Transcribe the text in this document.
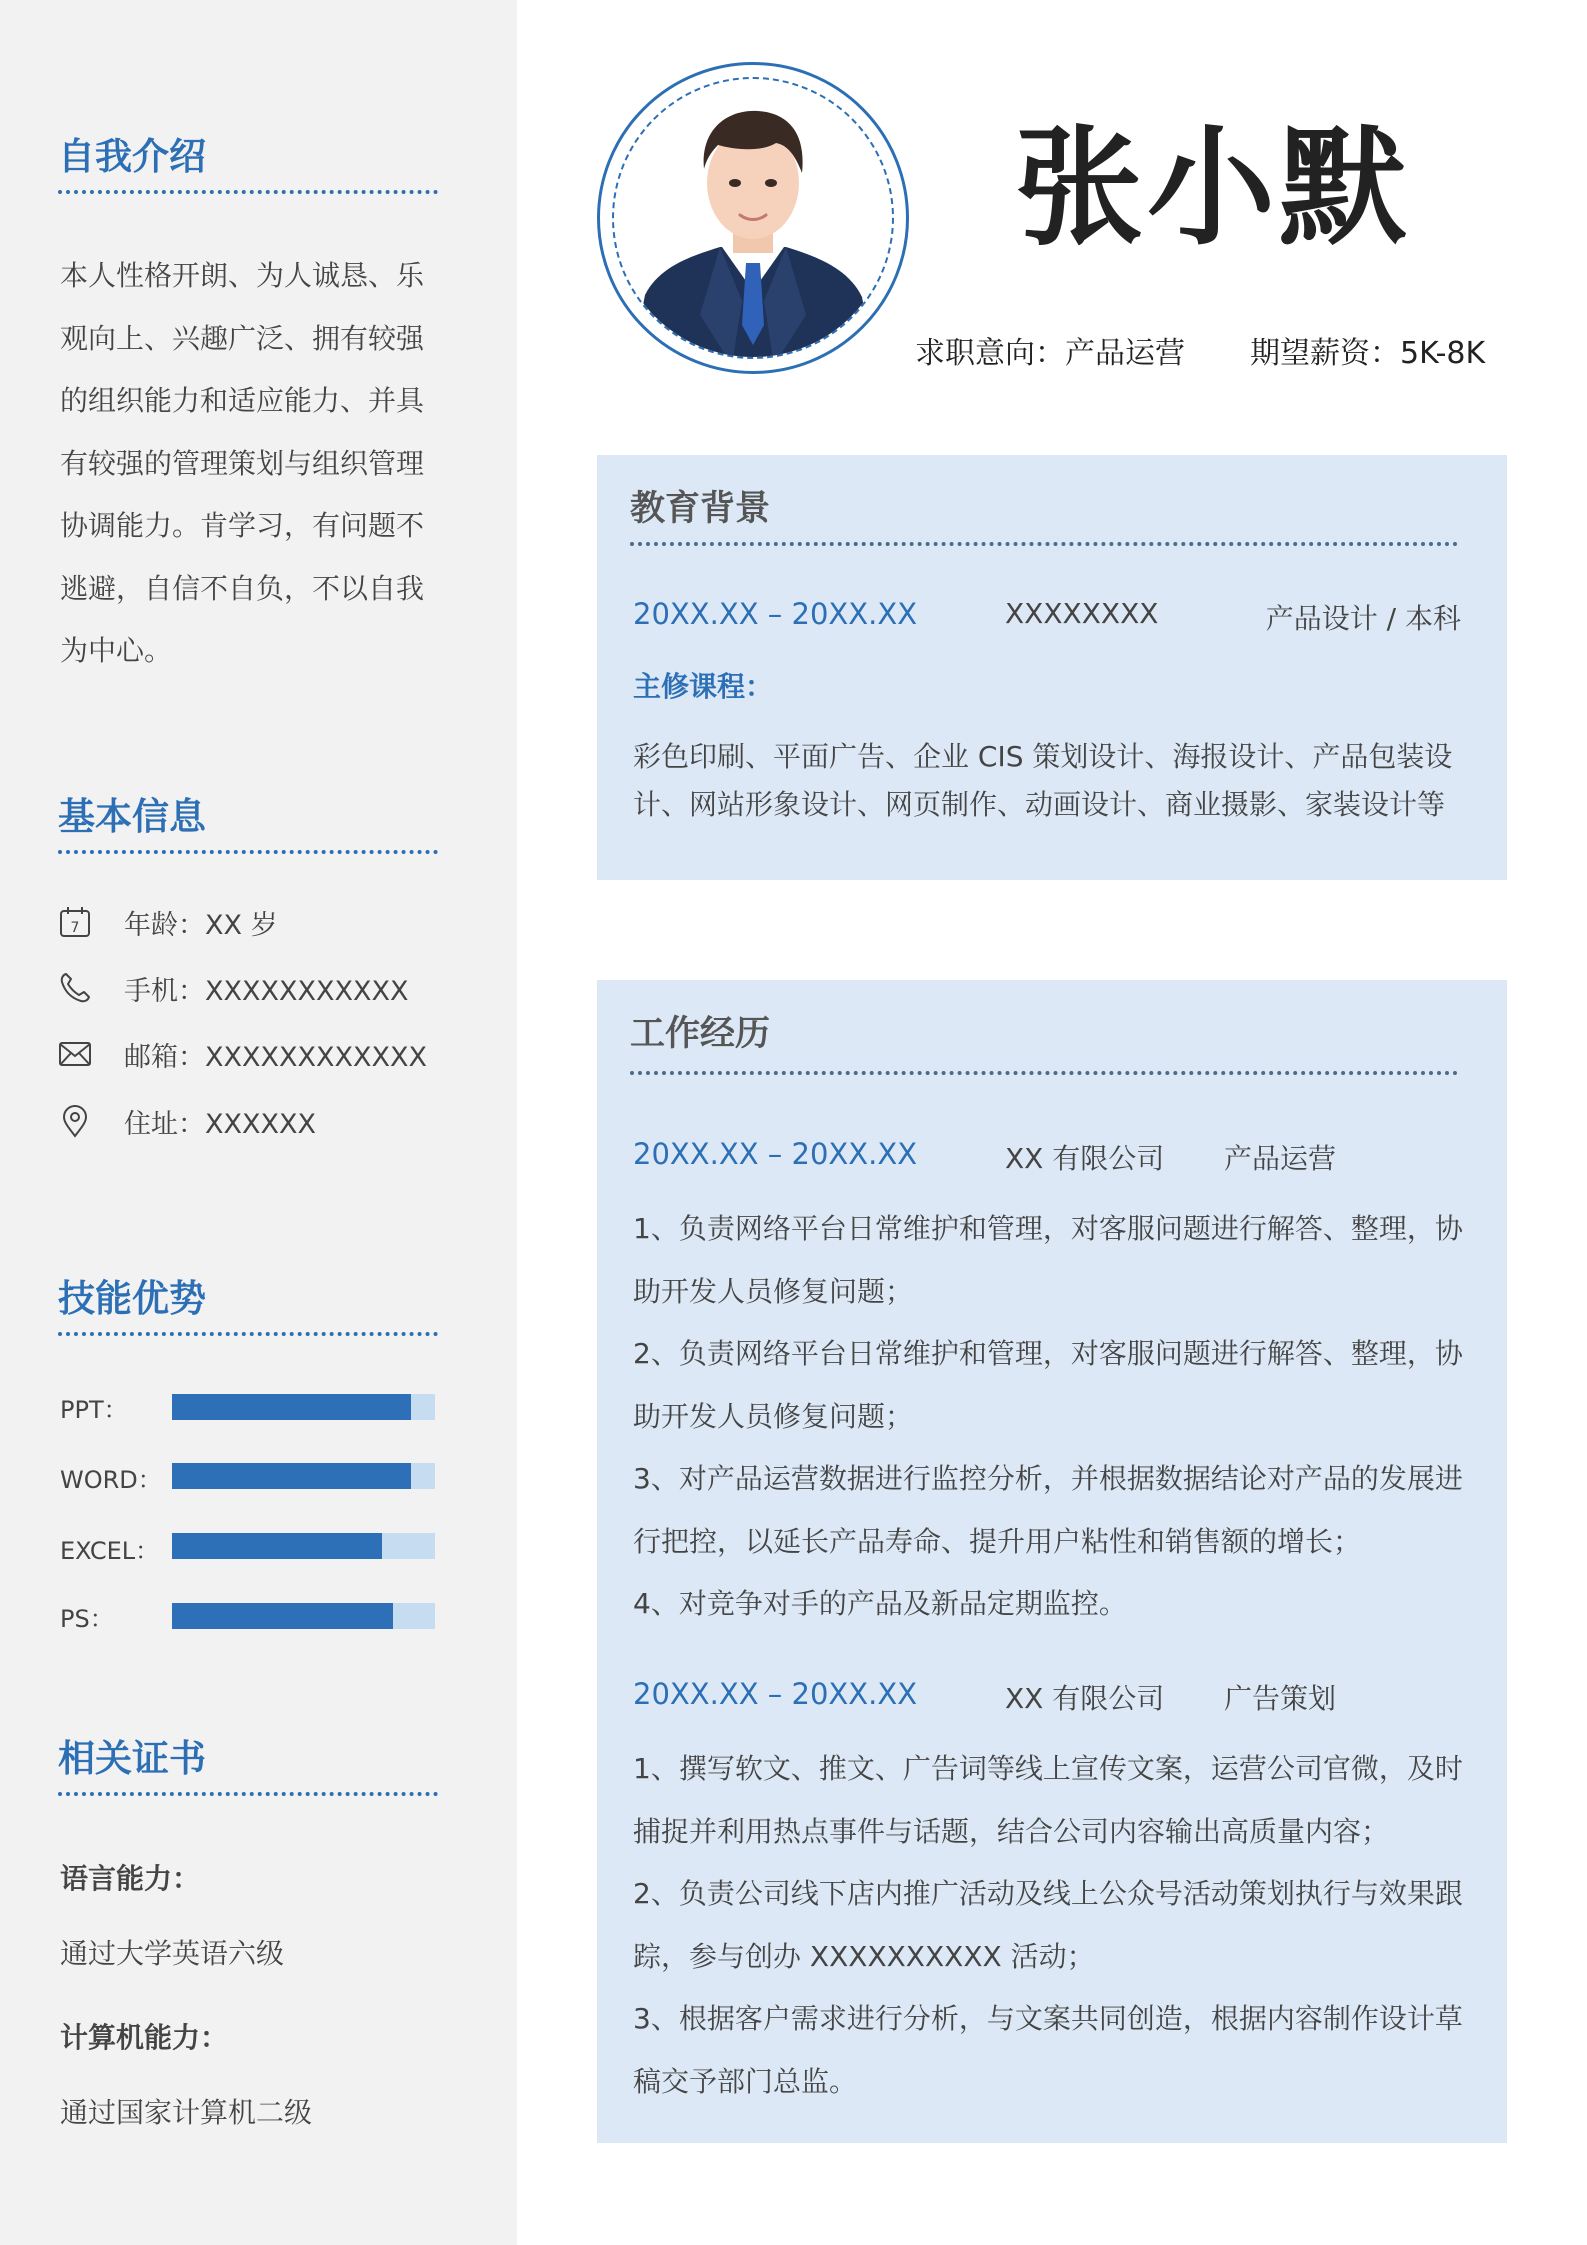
自我介绍

本人性格开朗、为人诚恳、乐观向上、兴趣广泛、拥有较强的组织能力和适应能力、并具有较强的管理策划与组织管理协调能力。肯学习，有问题不逃避，自信不自负，不以自我为中心。

基本信息
7 年龄：XX 岁
手机：XXXXXXXXXXX
邮箱：XXXXXXXXXXXX
住址：XXXXXX
技能优势
PPT：
WORD：
EXCEL：
PS：
相关证书
语言能力：
通过大学英语六级
计算机能力：
通过国家计算机二级
张小默
求职意向：产品运营 期望薪资：5K-8K
教育背景
20XX.XX – 20XX.XX	XXXXXXXX	产品设计 / 本科
主修课程：

彩色印刷、平面广告、企业 CIS 策划设计、海报设计、产品包装设计、网站形象设计、网页制作、动画设计、商业摄影、家装设计等

工作经历
20XX.XX – 20XX.XX	XX 有限公司 产品运营
1、负责网络平台日常维护和管理，对客服问题进行解答、整理，协助开发人员修复问题；
2、负责网络平台日常维护和管理，对客服问题进行解答、整理，协助开发人员修复问题；
3、对产品运营数据进行监控分析，并根据数据结论对产品的发展进行把控，以延长产品寿命、提升用户粘性和销售额的增长；
4、对竞争对手的产品及新品定期监控。
20XX.XX – 20XX.XX	XX 有限公司 广告策划
1、撰写软文、推文、广告词等线上宣传文案，运营公司官微，及时捕捉并利用热点事件与话题，结合公司内容输出高质量内容；
2、负责公司线下店内推广活动及线上公众号活动策划执行与效果跟踪，参与创办 XXXXXXXXXX 活动；
3、根据客户需求进行分析，与文案共同创造，根据内容制作设计草稿交予部门总监。
